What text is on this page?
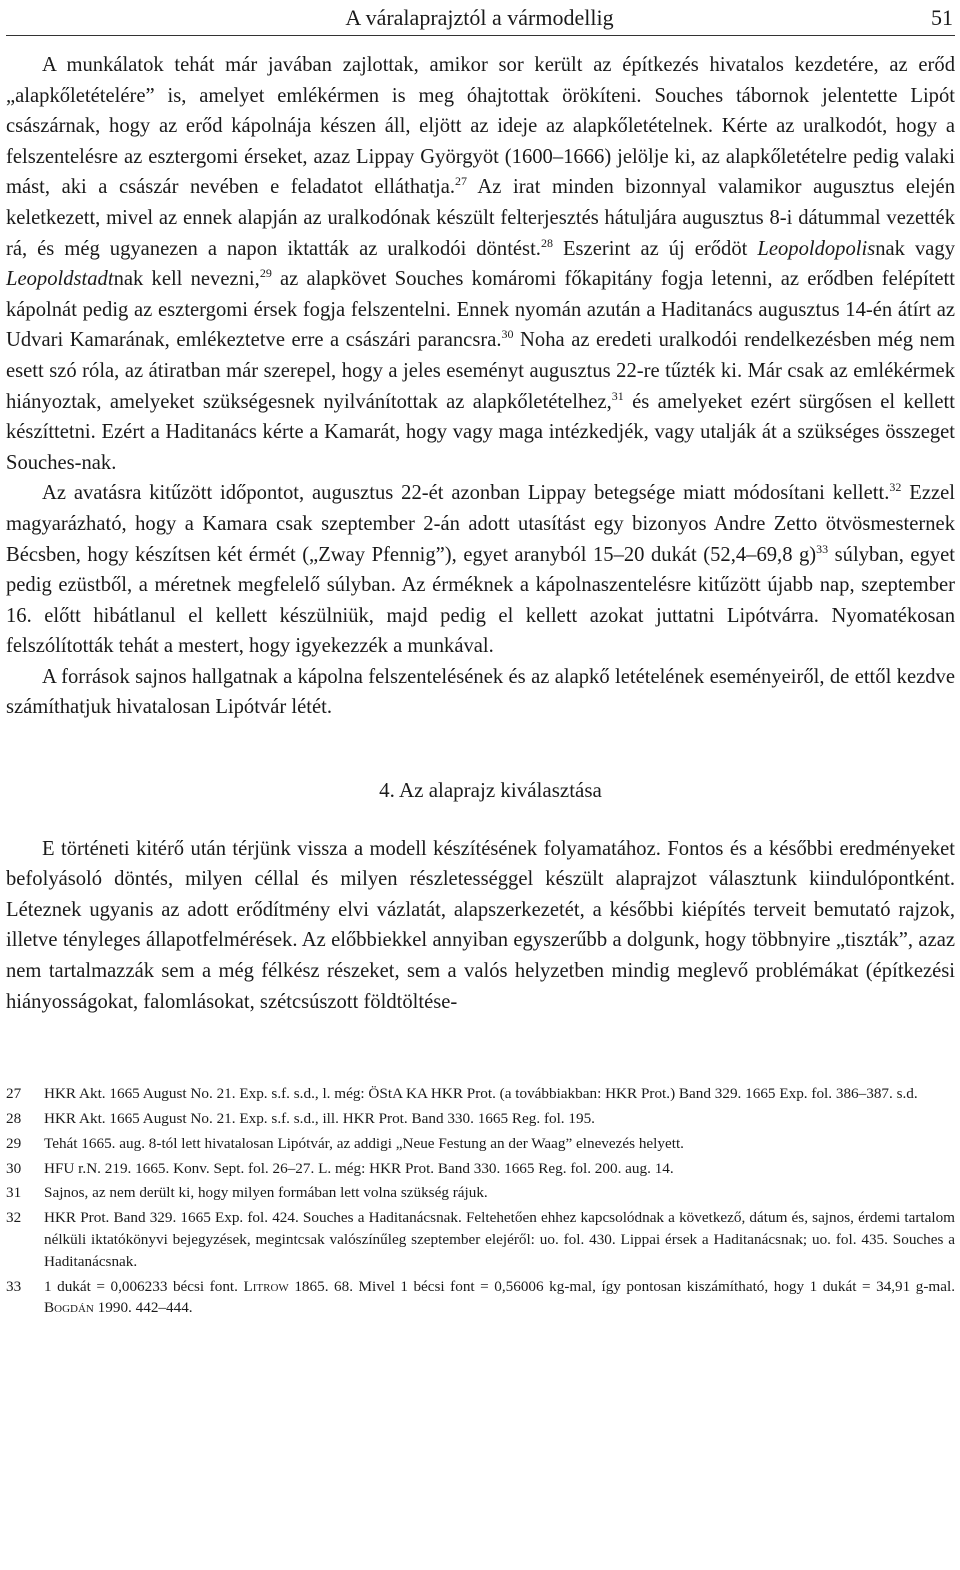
A váralaprajztól a vármodellig	51

A munkálatok tehát már javában zajlottak, amikor sor került az építkezés hivatalos kezdetére, az erőd „alapkőletételére” is, amelyet emlékérmen is meg óhajtottak örökíteni. Souches tábornok jelentette Lipót császárnak, hogy az erőd kápolnája készen áll, eljött az ideje az alapkőletételnek. Kérte az uralkodót, hogy a felszentelésre az esztergomi érseket, azaz Lippay Györgyöt (1600–1666) jelölje ki, az alapkőletételre pedig valaki mást, aki a császár nevében e feladatot elláthatja.$^{27}$ Az irat minden bizonnyal valamikor augusztus elején keletkezett, mivel az ennek alapján az uralkodónak készült felterjesztés hátuljára augusztus 8-i dátummal vezették rá, és még ugyanezen a napon iktatták az uralkodói döntést.$^{28}$ Eszerint az új erődöt Leopoldopolisnak vagy Leopoldstadtnak kell nevezni,$^{29}$ az alapkövet Souches komáromi főkapitány fogja letenni, az erődben felépített kápolnát pedig az esztergomi érsek fogja felszentelni. Ennek nyomán azután a Haditanács augusztus 14-én átírt az Udvari Kamarának, emlékeztetve erre a császári parancsra.$^{30}$ Noha az eredeti uralkodói rendelkezésben még nem esett szó róla, az átiratban már szerepel, hogy a jeles eseményt augusztus 22-re tűzték ki. Már csak az emlékérmek hiányoztak, amelyeket szükségesnek nyilvánítottak az alapkőletételhez,$^{31}$ és amelyeket ezért sürgősen el kellett készíttetni. Ezért a Haditanács kérte a Kamarát, hogy vagy maga intézkedjék, vagy utalják át a szükséges összeget Souches-nak.

Az avatásra kitűzött időpontot, augusztus 22-ét azonban Lippay betegsége miatt módosítani kellett.$^{32}$ Ezzel magyarázható, hogy a Kamara csak szeptember 2-án adott utasítást egy bizonyos Andre Zetto ötvösmesternek Bécsben, hogy készítsen két érmét („Zway Pfennig”), egyet aranyból 15–20 dukát (52,4–69,8 g)$^{33}$ súlyban, egyet pedig ezüstből, a méretnek megfelelő súlyban. Az érméknek a kápolnaszentelésre kitűzött újabb nap, szeptember 16. előtt hibátlanul el kellett készülniük, majd pedig el kellett azokat juttatni Lipótvárra. Nyomatékosan felszólították tehát a mestert, hogy igyekezzék a munkával.

A források sajnos hallgatnak a kápolna felszentelésének és az alapkő letételének eseményeiről, de ettől kezdve számíthatjuk hivatalosan Lipótvár létét.

4. Az alaprajz kiválasztása

E történeti kitérő után térjünk vissza a modell készítésének folyamatához. Fontos és a későbbi eredményeket befolyásoló döntés, milyen céllal és milyen részletességgel készült alaprajzot választunk kiindulópontként. Léteznek ugyanis az adott erődítmény elvi vázlatát, alapszerkezetét, a későbbi kiépítés terveit bemutató rajzok, illetve tényleges állapotfelmérések. Az előbbiekkel annyiban egyszerűbb a dolgunk, hogy többnyire „tiszták”, azaz nem tartalmazzák sem a még félkész részeket, sem a valós helyzetben mindig meglevő problémákat (építkezési hiányosságokat, falomlásokat, szétcsúszott földtöltése-

27	HKR Akt. 1665 August No. 21. Exp. s.f. s.d., l. még: ÖStA KA HKR Prot. (a továbbiakban: HKR Prot.) Band 329. 1665 Exp. fol. 386–387. s.d.
28	HKR Akt. 1665 August No. 21. Exp. s.f. s.d., ill. HKR Prot. Band 330. 1665 Reg. fol. 195.
29	Tehát 1665. aug. 8-tól lett hivatalosan Lipótvár, az addigi „Neue Festung an der Waag” elnevezés helyett.
30	HFU r.N. 219. 1665. Konv. Sept. fol. 26–27. L. még: HKR Prot. Band 330. 1665 Reg. fol. 200. aug. 14.
31	Sajnos, az nem derült ki, hogy milyen formában lett volna szükség rájuk.
32	HKR Prot. Band 329. 1665 Exp. fol. 424. Souches a Haditanácsnak. Feltehetően ehhez kapcsolódnak a következő, dátum és, sajnos, érdemi tartalom nélküli iktatókönyvi bejegyzések, megintcsak valószínűleg szeptember elejéről: uo. fol. 430. Lippai érsek a Haditanácsnak; uo. fol. 435. Souches a Haditanácsnak.
33	1 dukát = 0,006233 bécsi font. Litrow 1865. 68. Mivel 1 bécsi font = 0,56006 kg-mal, így pontosan kiszámítható, hogy 1 dukát = 34,91 g-mal. Bogdán 1990. 442–444.
